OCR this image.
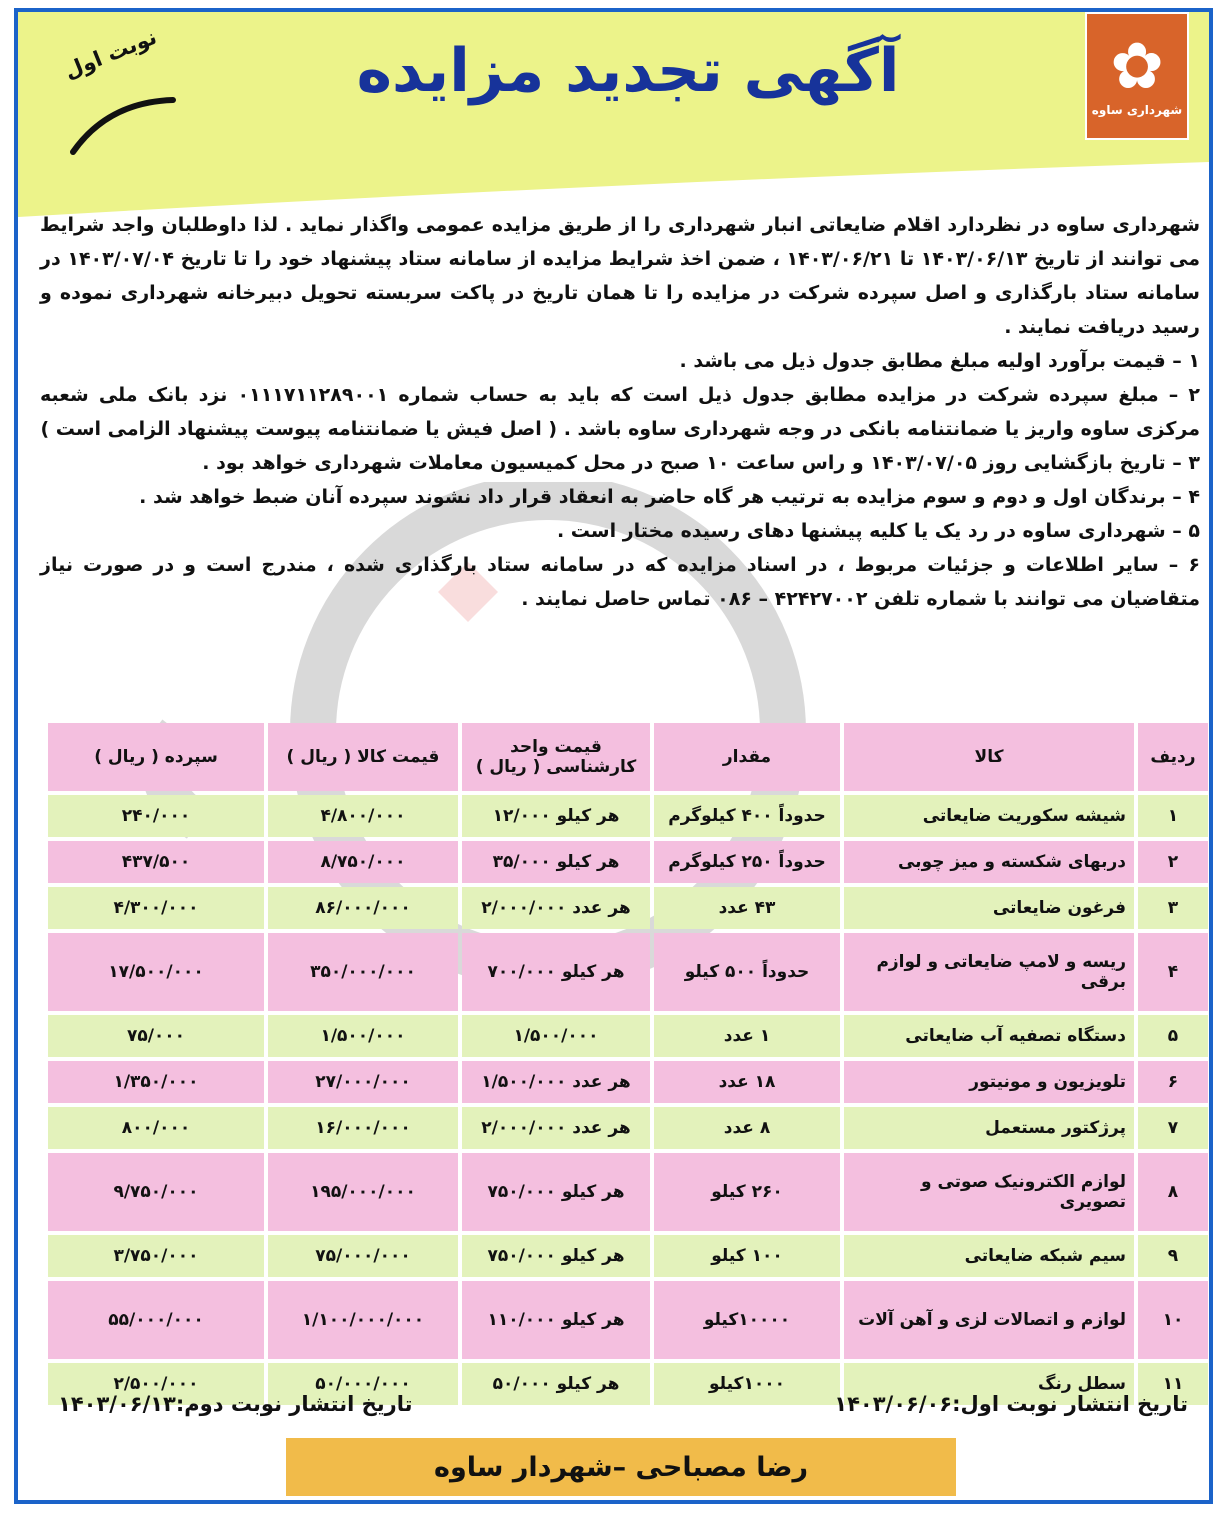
✿
شهرداری ساوه
آگهی تجدید مزایده
نوبت اول

شهرداری ساوه در نظردارد اقلام ضایعاتی انبار شهرداری را از طریق مزایده عمومی واگذار نماید . لذا داوطلبان واجد شرایط می توانند از تاریخ ۱۴۰۳/۰۶/۱۳ تا ۱۴۰۳/۰۶/۲۱ ، ضمن اخذ شرایط مزایده از سامانه ستاد پیشنهاد خود را تا تاریخ ۱۴۰۳/۰۷/۰۴ در سامانه ستاد بارگذاری و اصل سپرده شرکت در مزایده را تا همان تاریخ در پاکت سربسته تحویل دبیرخانه شهرداری نموده و رسید دریافت نمایند .

۱ – قیمت برآورد اولیه مبلغ مطابق جدول ذیل می باشد .

۲ – مبلغ سپرده شرکت در مزایده مطابق جدول ذیل است که باید به حساب شماره ۰۱۱۱۷۱۱۲۸۹۰۰۱ نزد بانک ملی شعبه مرکزی ساوه واریز یا ضمانتنامه بانکی در وجه شهرداری ساوه باشد . ( اصل فیش یا ضمانتنامه پیوست پیشنهاد الزامی است )

۳ – تاریخ بازگشایی روز ۱۴۰۳/۰۷/۰۵ و راس ساعت ۱۰ صبح در محل کمیسیون معاملات شهرداری خواهد بود .

۴ – برندگان اول و دوم و سوم مزایده به ترتیب هر گاه حاضر به انعقاد قرار داد نشوند سپرده آنان ضبط خواهد شد .

۵ – شهرداری ساوه در رد یک یا کلیه پیشنها دهای رسیده مختار است .

۶ – سایر اطلاعات و جزئیات مربوط ، در اسناد مزایده که در سامانه ستاد بارگذاری شده ، مندرج است و در صورت نیاز متقاضیان می توانند با شماره تلفن ۴۲۴۲۷۰۰۲ – ۰۸۶ تماس حاصل نمایند .

ردیف	کالا	مقدار	قیمت واحد کارشناسی ( ریال )	قیمت کالا ( ریال )	سپرده ( ریال )
۱	شیشه سکوریت ضایعاتی	حدوداً ۴۰۰ کیلوگرم	هر کیلو ۱۲/۰۰۰	۴/۸۰۰/۰۰۰	۲۴۰/۰۰۰
۲	دربهای شکسته و میز چوبی	حدوداً ۲۵۰ کیلوگرم	هر کیلو ۳۵/۰۰۰	۸/۷۵۰/۰۰۰	۴۳۷/۵۰۰
۳	فرغون ضایعاتی	۴۳ عدد	هر عدد ۲/۰۰۰/۰۰۰	۸۶/۰۰۰/۰۰۰	۴/۳۰۰/۰۰۰
۴	ریسه و لامپ ضایعاتی و لوازم برقی	حدوداً ۵۰۰ کیلو	هر کیلو ۷۰۰/۰۰۰	۳۵۰/۰۰۰/۰۰۰	۱۷/۵۰۰/۰۰۰
۵	دستگاه تصفیه آب ضایعاتی	۱ عدد	۱/۵۰۰/۰۰۰	۱/۵۰۰/۰۰۰	۷۵/۰۰۰
۶	تلویزیون و مونیتور	۱۸ عدد	هر عدد ۱/۵۰۰/۰۰۰	۲۷/۰۰۰/۰۰۰	۱/۳۵۰/۰۰۰
۷	پرژکتور مستعمل	۸ عدد	هر عدد ۲/۰۰۰/۰۰۰	۱۶/۰۰۰/۰۰۰	۸۰۰/۰۰۰
۸	لوازم الکترونیک صوتی و تصویری	۲۶۰ کیلو	هر کیلو ۷۵۰/۰۰۰	۱۹۵/۰۰۰/۰۰۰	۹/۷۵۰/۰۰۰
۹	سیم شبکه ضایعاتی	۱۰۰ کیلو	هر کیلو ۷۵۰/۰۰۰	۷۵/۰۰۰/۰۰۰	۳/۷۵۰/۰۰۰
۱۰	لوازم و اتصالات لزی و آهن آلات	۱۰۰۰۰کیلو	هر کیلو ۱۱۰/۰۰۰	۱/۱۰۰/۰۰۰/۰۰۰	۵۵/۰۰۰/۰۰۰
۱۱	سطل رنگ	۱۰۰۰کیلو	هر کیلو ۵۰/۰۰۰	۵۰/۰۰۰/۰۰۰	۲/۵۰۰/۰۰۰
تاریخ انتشار نوبت اول:۱۴۰۳/۰۶/۰۶
تاریخ انتشار نوبت دوم:۱۴۰۳/۰۶/۱۳
رضا مصباحی –شهردار ساوه
